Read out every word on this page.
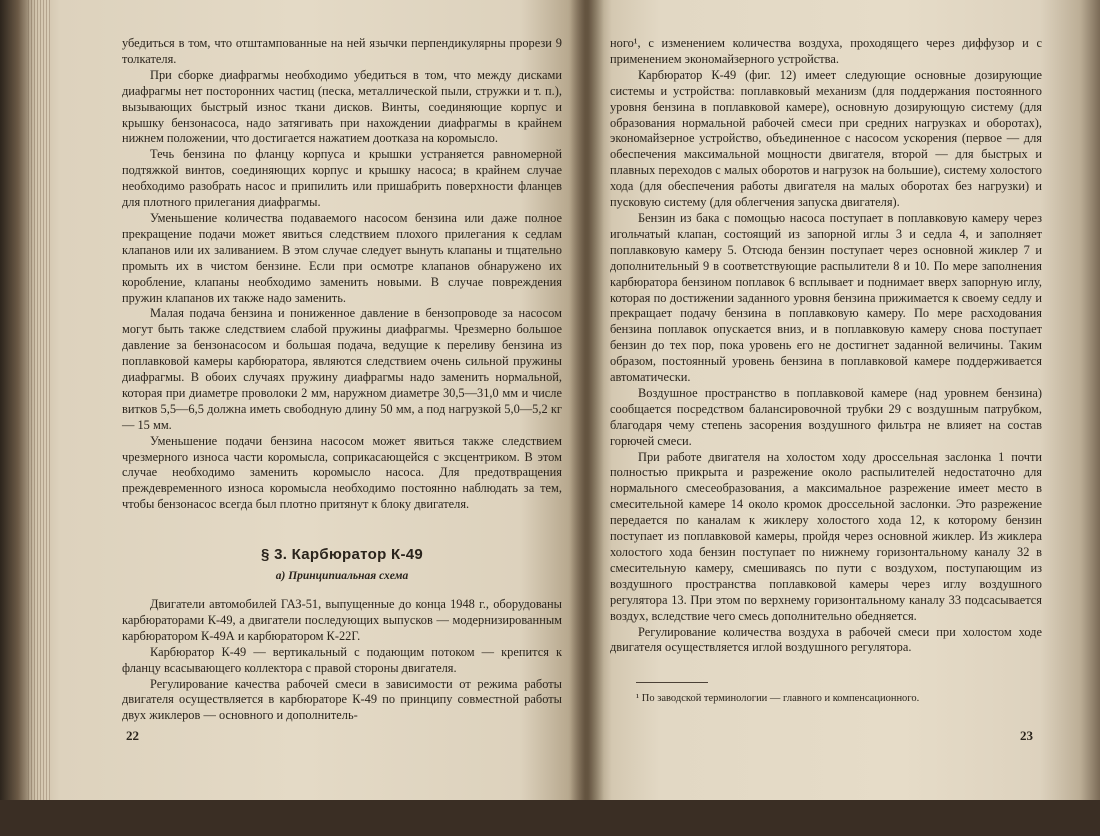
убедиться в том, что отштампованные на ней язычки перпендикулярны прорези 9 толкателя.

При сборке диафрагмы необходимо убедиться в том, что между дисками диафрагмы нет посторонних частиц (песка, металлической пыли, стружки и т. п.), вызывающих быстрый износ ткани дисков. Винты, соединяющие корпус и крышку бензонасоса, надо затягивать при нахождении диафрагмы в крайнем нижнем положении, что достигается нажатием доотказа на коромысло.

Течь бензина по фланцу корпуса и крышки устраняется равномерной подтяжкой винтов, соединяющих корпус и крышку насоса; в крайнем случае необходимо разобрать насос и припилить или пришабрить поверхности фланцев для плотного прилегания диафрагмы.

Уменьшение количества подаваемого насосом бензина или даже полное прекращение подачи может явиться следствием плохого прилегания к седлам клапанов или их заливанием. В этом случае следует вынуть клапаны и тщательно промыть их в чистом бензине. Если при осмотре клапанов обнаружено их коробление, клапаны необходимо заменить новыми. В случае повреждения пружин клапанов их также надо заменить.

Малая подача бензина и пониженное давление в бензопроводе за насосом могут быть также следствием слабой пружины диафрагмы. Чрезмерно большое давление за бензонасосом и большая подача, ведущие к переливу бензина из поплавковой камеры карбюратора, являются следствием очень сильной пружины диафрагмы. В обоих случаях пружину диафрагмы надо заменить нормальной, которая при диаметре проволоки 2 мм, наружном диаметре 30,5—31,0 мм и числе витков 5,5—6,5 должна иметь свободную длину 50 мм, а под нагрузкой 5,0—5,2 кг — 15 мм.

Уменьшение подачи бензина насосом может явиться также следствием чрезмерного износа части коромысла, соприкасающейся с эксцентриком. В этом случае необходимо заменить коромысло насоса. Для предотвращения преждевременного износа коромысла необходимо постоянно наблюдать за тем, чтобы бензонасос всегда был плотно притянут к блоку двигателя.

§ 3. Карбюратор К-49
а) Принципиальная схема

Двигатели автомобилей ГАЗ-51, выпущенные до конца 1948 г., оборудованы карбюраторами К-49, а двигатели последующих выпусков — модернизированным карбюратором К-49А и карбюратором К-22Г.

Карбюратор К-49 — вертикальный с подающим потоком — крепится к фланцу всасывающего коллектора с правой стороны двигателя.

Регулирование качества рабочей смеси в зависимости от режима работы двигателя осуществляется в карбюраторе К-49 по принципу совместной работы двух жиклеров — основного и дополнитель-

22

ного¹, с изменением количества воздуха, проходящего через диффузор и с применением экономайзерного устройства.

Карбюратор К-49 (фиг. 12) имеет следующие основные дозирующие системы и устройства: поплавковый механизм (для поддержания постоянного уровня бензина в поплавковой камере), основную дозирующую систему (для образования нормальной рабочей смеси при средних нагрузках и оборотах), экономайзерное устройство, объединенное с насосом ускорения (первое — для обеспечения максимальной мощности двигателя, второй — для быстрых и плавных переходов с малых оборотов и нагрузок на большие), систему холостого хода (для обеспечения работы двигателя на малых оборотах без нагрузки) и пусковую систему (для облегчения запуска двигателя).

Бензин из бака с помощью насоса поступает в поплавковую камеру через игольчатый клапан, состоящий из запорной иглы 3 и седла 4, и заполняет поплавковую камеру 5. Отсюда бензин поступает через основной жиклер 7 и дополнительный 9 в соответствующие распылители 8 и 10. По мере заполнения карбюратора бензином поплавок 6 всплывает и поднимает вверх запорную иглу, которая по достижении заданного уровня бензина прижимается к своему седлу и прекращает подачу бензина в поплавковую камеру. По мере расходования бензина поплавок опускается вниз, и в поплавковую камеру снова поступает бензин до тех пор, пока уровень его не достигнет заданной величины. Таким образом, постоянный уровень бензина в поплавковой камере поддерживается автоматически.

Воздушное пространство в поплавковой камере (над уровнем бензина) сообщается посредством балансировочной трубки 29 с воздушным патрубком, благодаря чему степень засорения воздушного фильтра не влияет на состав горючей смеси.

При работе двигателя на холостом ходу дроссельная заслонка 1 почти полностью прикрыта и разрежение около распылителей недостаточно для нормального смесеобразования, а максимальное разрежение имеет место в смесительной камере 14 около кромок дроссельной заслонки. Это разрежение передается по каналам к жиклеру холостого хода 12, к которому бензин поступает из поплавковой камеры, пройдя через основной жиклер. Из жиклера холостого хода бензин поступает по нижнему горизонтальному каналу 32 в смесительную камеру, смешиваясь по пути с воздухом, поступающим из воздушного пространства поплавковой камеры через иглу воздушного регулятора 13. При этом по верхнему горизонтальному каналу 33 подсасывается воздух, вследствие чего смесь дополнительно обедняется.

Регулирование количества воздуха в рабочей смеси при холостом ходе двигателя осуществляется иглой воздушного регулятора.

¹ По заводской терминологии — главного и компенсационного.
23
